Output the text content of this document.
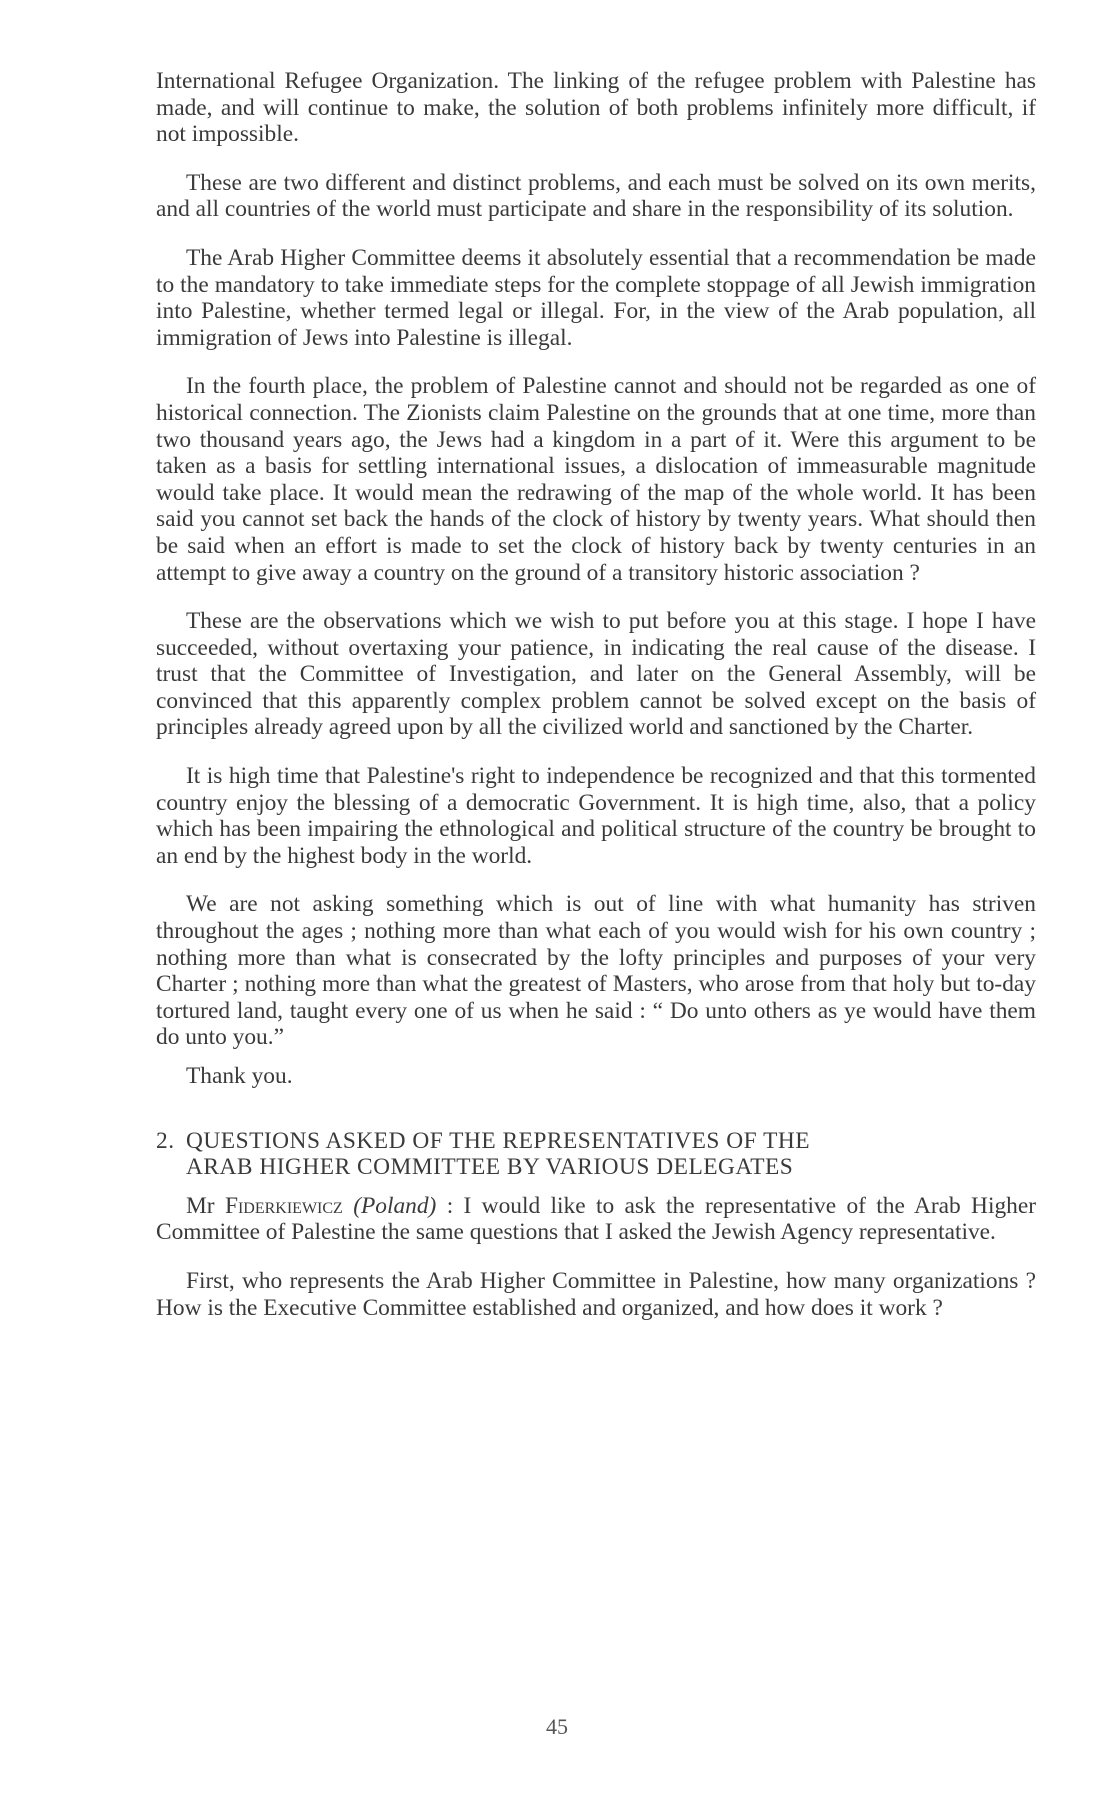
International Refugee Organization. The linking of the refugee problem with Palestine has made, and will continue to make, the solution of both problems infinitely more difficult, if not impossible.

These are two different and distinct problems, and each must be solved on its own merits, and all countries of the world must participate and share in the responsibility of its solution.

The Arab Higher Committee deems it absolutely essential that a recommendation be made to the mandatory to take immediate steps for the complete stoppage of all Jewish immigration into Palestine, whether termed legal or illegal. For, in the view of the Arab population, all immigration of Jews into Palestine is illegal.

In the fourth place, the problem of Palestine cannot and should not be regarded as one of historical connection. The Zionists claim Palestine on the grounds that at one time, more than two thousand years ago, the Jews had a kingdom in a part of it. Were this argument to be taken as a basis for settling international issues, a dislocation of immeasurable magnitude would take place. It would mean the redrawing of the map of the whole world. It has been said you cannot set back the hands of the clock of history by twenty years. What should then be said when an effort is made to set the clock of history back by twenty centuries in an attempt to give away a country on the ground of a transitory historic association ?

These are the observations which we wish to put before you at this stage. I hope I have succeeded, without overtaxing your patience, in indicating the real cause of the disease. I trust that the Committee of Investigation, and later on the General Assembly, will be convinced that this apparently complex problem cannot be solved except on the basis of principles already agreed upon by all the civilized world and sanctioned by the Charter.

It is high time that Palestine's right to independence be recognized and that this tormented country enjoy the blessing of a democratic Government. It is high time, also, that a policy which has been impairing the ethnological and political structure of the country be brought to an end by the highest body in the world.

We are not asking something which is out of line with what humanity has striven throughout the ages ; nothing more than what each of you would wish for his own country ; nothing more than what is consecrated by the lofty principles and purposes of your very Charter ; nothing more than what the greatest of Masters, who arose from that holy but to-day tortured land, taught every one of us when he said : “ Do unto others as ye would have them do unto you.”

Thank you.

2. QUESTIONS ASKED OF THE REPRESENTATIVES OF THE
ARAB HIGHER COMMITTEE BY VARIOUS DELEGATES

Mr Fiderkiewicz (Poland) : I would like to ask the representative of the Arab Higher Committee of Palestine the same questions that I asked the Jewish Agency representative.

First, who represents the Arab Higher Committee in Palestine, how many organizations ? How is the Executive Committee established and organized, and how does it work ?

45
